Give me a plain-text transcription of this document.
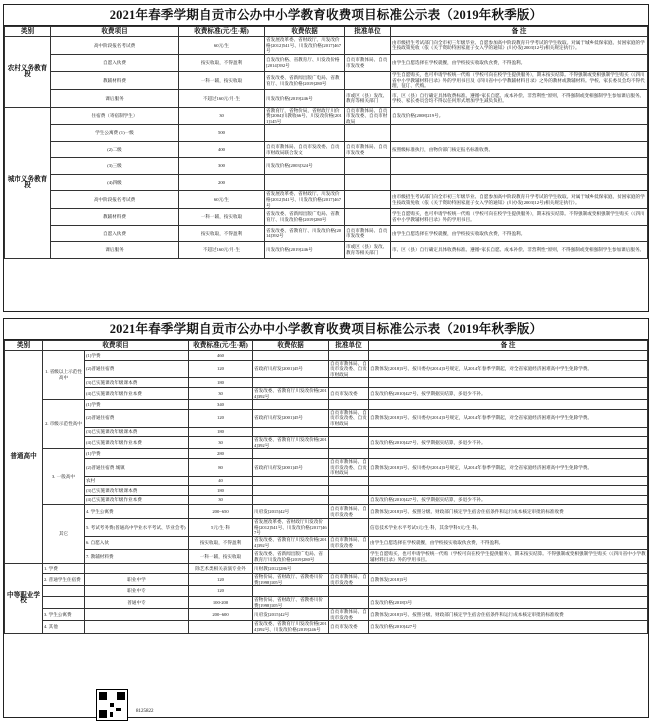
2021年春季学期自贡市公办中小学教育收费项目标准公示表（2019年秋季版）
类别	收费项目	收费标准(元/生·期)	收费依据	批准单位	备 注
农村义务教育段	高中阶段报名考试费	60元/生	省发展改革委、省财政厅、川发改价格[2012]541号、川发改价格[2017]467号		由市级招生考试部门向全市初三年级毕业、自愿参加高中阶段教育升学考试的学生收取。对属于城乡低保家庭、贫困家庭的学生按政策免收（依《关于资助特困家庭子女入学的通知》(川办发[2003]12号)相关规定执行）。
	自愿入伙费	按实收取，不得盈利	自发改价格、省教育厅、川发改价格[2014]392号	自贡市教体局、自贡市发改委	由学生自愿选择在学校就餐，由学校按实收取伙食费，不得盈利。
	教辅材料费	一科一辅，按实收取	省发改委、省新闻出版广电局、省教育厅、川发改价格[2019]280号		学生自愿购买，也可申请学校统一代购（学校可向在校学生提供服务），期末按实结算。不得强制或变相强制学生购买（《四川省中小学教辅材料目录》外的学用书目及《四川省中小学教辅材料目录》之外的教材或教辅材料。学校、家长委员会均不得代理，征订、代购。
	课后服务	不超过160元/月·生	川发改价格[2019]246号	市或区（县）发改、教育等相关部门	市、区（县）自行确定具体收费标准。遵循“家长自愿、成本补偿、非营利性”原则，不得强制或变相强制学生参加课后服务。学校、家长委员会均不得以任何形式增加学生减负负担。
城市义务教育段	住宿费（寄宿制学生）	30	省教育厅，省物价局，省财政厅川价费[2004]川教收66号、川发改价格[2011]145号	自贡市教体局、自贡市发改委、自贡市财政局	自发改价格[2008]219号。
	学生公寓费 (1)一级	500			
	(2)二级	400	自贡市教体局、自贡市发改委、自贡市财政局联合发文	自贡市教体局、自贡市发改委	按照级标准执行，由物价部门核定报名标准收费。
	(3)三级	300	川发改价格[2003]324号		
	(4)四级	200			
	高中阶段报名考试费	60元/生	省发展改革委、省财政厅、川发改价格[2012]541号、川发改价格[2017]467号		由市级招生考试部门向全市初三年级毕业、自愿参加高中阶段教育升学考试的学生收取。对属于城乡低保家庭、贫困家庭的学生按政策免收（依《关于资助特困家庭子女入学的通知》(川办发[2003]12号)相关规定执行）。
	教辅材料费	一科一辅，按实收取	省发改委、省新闻出版广电局、省教育厅、川发改价格[2019]280号		学生自愿购买，也可申请学校统一代购（学校可向在校学生提供服务），期末按实结算。不得强制或变相强制学生购买（《四川省中小学教辅材料目录》外的学用书目。
	自愿入伙费	按实收取，不得盈利	省发改委、省教育厅、川发改价格[2014]392号	自贡市教体局、自贡市发改委	由学生自愿选择在学校就餐，由学校按实收取伙食费，不得盈利。
	课后服务	不超过160元/月·生	川发改价格[2019]246号	市或区（县）发改、教育等相关部门	市、区（县）自行确定具体收费标准。遵循“家长自愿、成本补偿、非营利性”原则，不得强制或变相强制学生参加课后服务。
2021年春季学期自贡市公办中小学教育收费项目标准公示表（2019年秋季版）
类别	收费项目		收费标准(元/生·期)	收费依据	批准单位	备 注
普通高中	1. 省级以上示范性高中	(1)学费	460			
		(2)普通住宿费	120	省政府川府发[2001]45号	自贡市教体局、自贡市发改委、自贡市财政局	自教体发[2018]3号、按川委办[2014]3号规定，从2014年春季学期起，对全省家庭经济困难高中学生免除学费。
		(3)已实施课改年级课本费	180			
		(4)已实施课改年级作业本费	30	省发改委、省教育厅川发改价格[2014]392号	自贡市发改委	自发改价格[2010]427号、按学期据实结算，多退少不补。
	2. 市级示范性高中	(1)学费	340			
		(2)普通住宿费	120	省政府川府发[2001]45号	自贡市教体局、自贡市发改委、自贡市财政局	自教体发[2018]3号、按川委办[2014]3号规定，从2014年春季学期起，对全省家庭经济困难高中学生免除学费。
		(3)已实施课改年级课本费	180			
		(4)已实施课改年级作业本费	30	省发改委、省教育厅川发改价格[2014]392号		自发改价格[2010]427号、按学期据实结算，多退少不补。
	3. 一般高中	(1)学费	280			
		(2)普通住宿费 城镇	80	省政府川府发[2001]45号	自贡市教体局、自贡市发改委、自贡市财政局	自教体发[2018]3号、按川委办[2014]3号规定，从2014年春季学期起，对全省家庭经济困难高中学生免除学费。
		农村	40			
		(3)已实施课改年级课本费	180			
		(4)已实施课改年级作业本费	30			自发改价格[2010]427号、按学期据实结算，多退少不补。
	其它	4. 学生公寓费	200~650	川府发[2015]42号	自贡市教体局、自贡市发改委	自教体发[2018]3号、按照分级、财政部门核定学生宿舍住宿条件和运行成本核定审批的标准收费
		5. 考试考务费(普通高中学业水平考试、毕业会考)	5元/生·科	省发展改革委、省财政厅川发改价格[2012]541号、川发改价格[2017]467号		信息技术学业水平考试5元/生·科，其余学科5元/生·科。
		6. 自愿入伙	按实收取，不得盈利	省发改委、省教育厅川发改价格[2014]392号	自贡市教体局、自贡市发改委	由学生自愿选择在学校就餐，由学校按实收取伙食费，不得盈利。
		7. 教辅材料费	一科一辅，按实收取	省发改委、省新闻出版广电局、省教育厅川发改价格[2019]280号		学生自愿购买，也可申请学校统一代购（学校可向在校学生提供服务），期末按实结算。不得强制或变相强制学生购买（《四川省中小学教辅材料目录》外的学用书目。
中等职业学校	1. 学费		除艺术类相关表演专业外	川财教[2012]286号		
	2. 普通学生住宿费	职业中学	120	省物价局、省财政厅、省教委川价费[1998]105号	自贡市教体局、自贡市发改委	自教体发[2018]3号
		职业中专	120			
		普通中专	100-200	省物价局、省财政厅、省教委川价费[1998]105号		自发改价格[2018]3号
	3. 学生公寓费		200~600	川府发[2015]42号	自贡市教体局、自贡市发改委	自教体发[2018]3号、按照分级、财政部门核定学生宿舍住宿条件和运行成本核定审批的标准收费
	4. 其他			省发改委、省教育厅川发改价格[2014]392号、川发改价格[2019]246号	自贡市发改委	自发改价格[2010]427号
8125822
